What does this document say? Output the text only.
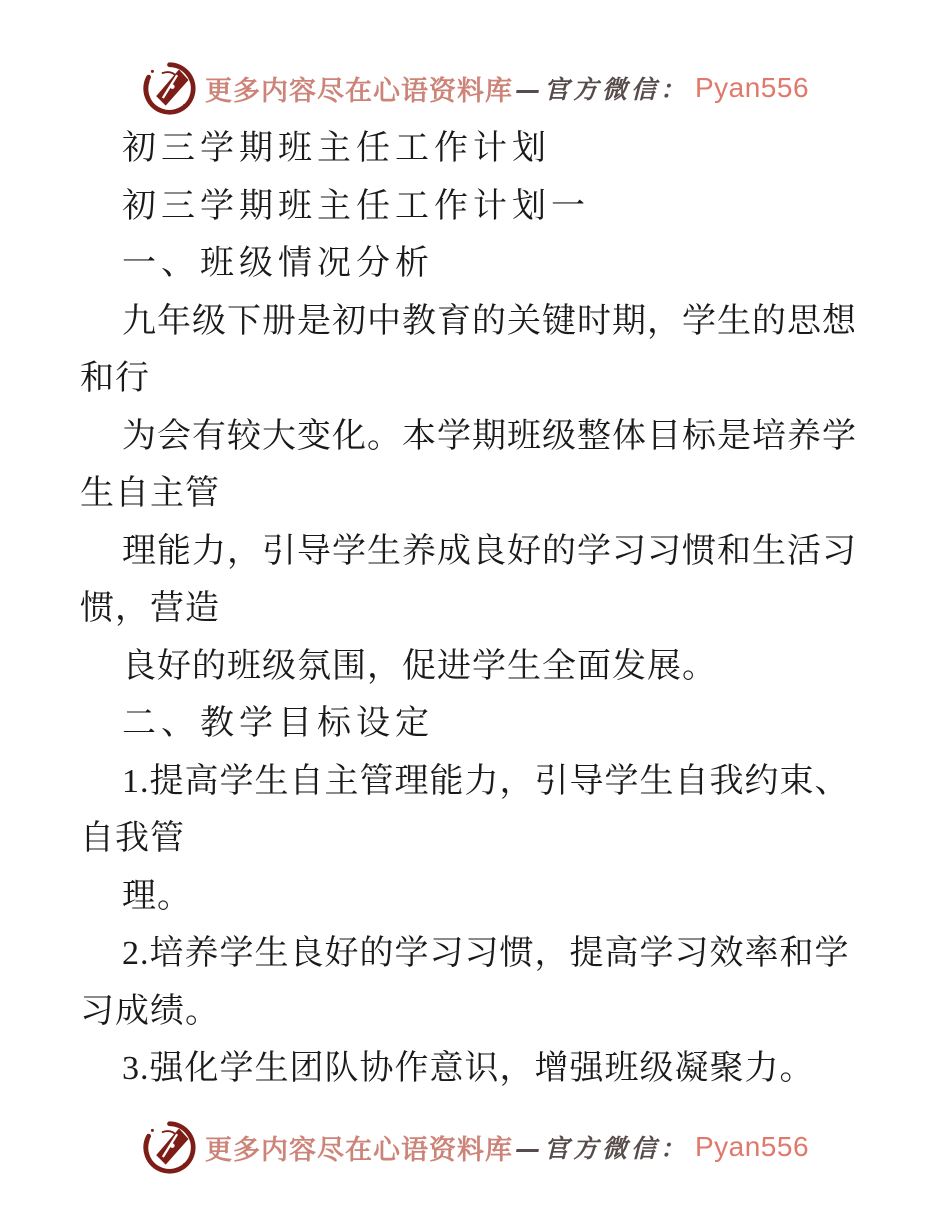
更多内容尽在心语资料库 —官方微信： Pyan556
初三学期班主任工作计划
初三学期班主任工作计划一
一、班级情况分析
九年级下册是初中教育的关键时期，学生的思想
和行
为会有较大变化。本学期班级整体目标是培养学
生自主管
理能力，引导学生养成良好的学习习惯和生活习
惯，营造
良好的班级氛围，促进学生全面发展。
二、教学目标设定
1.提高学生自主管理能力，引导学生自我约束、
自我管
理。
2.培养学生良好的学习习惯，提高学习效率和学
习成绩。
3.强化学生团队协作意识，增强班级凝聚力。
更多内容尽在心语资料库 —官方微信： Pyan556
